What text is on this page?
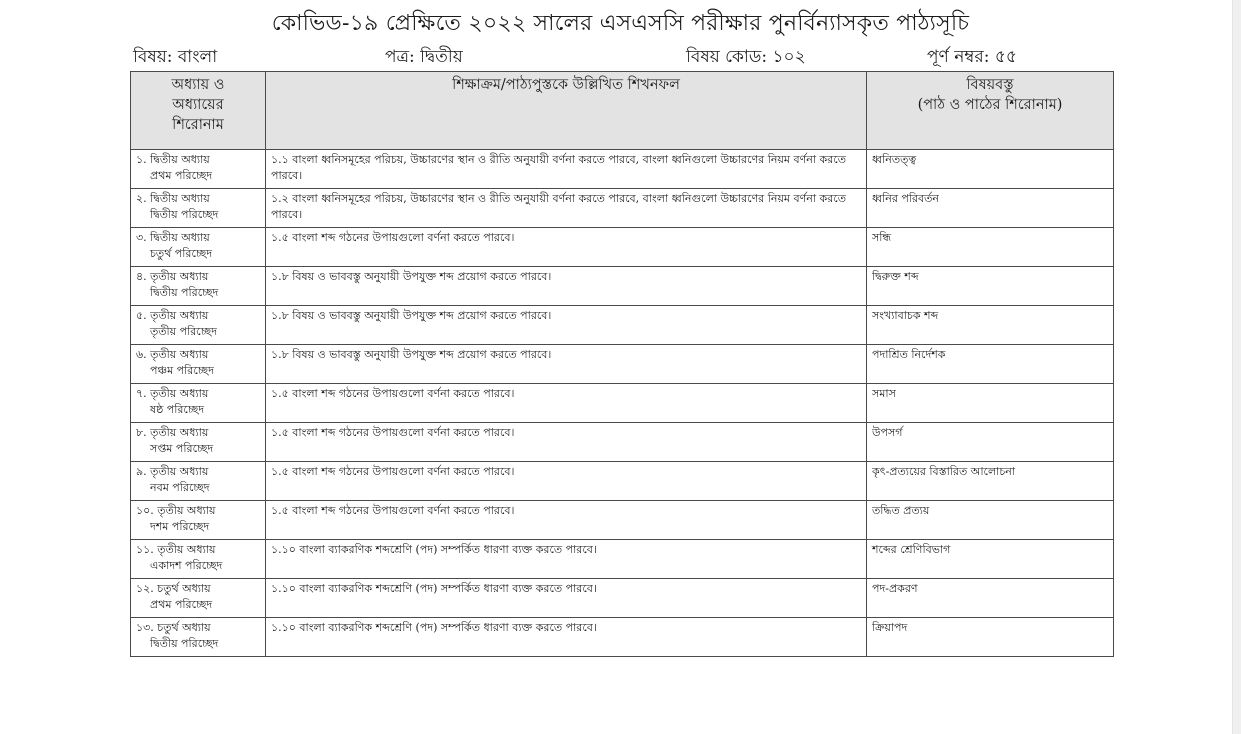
কোভিড-১৯ প্রেক্ষিতে ২০২২ সালের এসএসসি পরীক্ষার পুনর্বিন্যাসকৃত পাঠ্যসূচি
বিষয়: বাংলা	পত্র: দ্বিতীয়	বিষয় কোড: ১০২	পূর্ণ নম্বর: ৫৫
অধ্যায় ও
অধ্যায়ের
শিরোনাম	শিক্ষাক্রম/পাঠ্যপুস্তকে উল্লিখিত শিখনফল	বিষয়বস্তু
(পাঠ ও পাঠের শিরোনাম)

১. দ্বিতীয় অধ্যায়
প্রথম পরিচ্ছেদ	১.১ বাংলা ধ্বনিসমূহের পরিচয়, উচ্চারণের স্থান ও রীতি অনুযায়ী বর্ণনা করতে পারবে, বাংলা ধ্বনিগুলো উচ্চারণের নিয়ম বর্ণনা করতে পারবে।	ধ্বনিতত্ত্ব

২. দ্বিতীয় অধ্যায়
দ্বিতীয় পরিচ্ছেদ	১.২ বাংলা ধ্বনিসমূহের পরিচয়, উচ্চারণের স্থান ও রীতি অনুযায়ী বর্ণনা করতে পারবে, বাংলা ধ্বনিগুলো উচ্চারণের নিয়ম বর্ণনা করতে পারবে।	ধ্বনির পরিবর্তন

৩. দ্বিতীয় অধ্যায়
চতুর্থ পরিচ্ছেদ	১.৫ বাংলা শব্দ গঠনের উপায়গুলো বর্ণনা করতে পারবে।	সন্ধি

৪. তৃতীয় অধ্যায়
দ্বিতীয় পরিচ্ছেদ	১.৮ বিষয় ও ভাববস্তু অনুযায়ী উপযুক্ত শব্দ প্রয়োগ করতে পারবে।	দ্বিরুক্ত শব্দ

৫. তৃতীয় অধ্যায়
তৃতীয় পরিচ্ছেদ	১.৮ বিষয় ও ভাববস্তু অনুযায়ী উপযুক্ত শব্দ প্রয়োগ করতে পারবে।	সংখ্যাবাচক শব্দ

৬. তৃতীয় অধ্যায়
পঞ্চম পরিচ্ছেদ	১.৮ বিষয় ও ভাববস্তু অনুযায়ী উপযুক্ত শব্দ প্রয়োগ করতে পারবে।	পদাশ্রিত নির্দেশক

৭. তৃতীয় অধ্যায়
ষষ্ঠ পরিচ্ছেদ	১.৫ বাংলা শব্দ গঠনের উপায়গুলো বর্ণনা করতে পারবে।	সমাস

৮. তৃতীয় অধ্যায়
সপ্তম পরিচ্ছেদ	১.৫ বাংলা শব্দ গঠনের উপায়গুলো বর্ণনা করতে পারবে।	উপসর্গ

৯. তৃতীয় অধ্যায়
নবম পরিচ্ছেদ	১.৫ বাংলা শব্দ গঠনের উপায়গুলো বর্ণনা করতে পারবে।	কৃৎ-প্রত্যয়ের বিস্তারিত আলোচনা

১০. তৃতীয় অধ্যায়
দশম পরিচ্ছেদ	১.৫ বাংলা শব্দ গঠনের উপায়গুলো বর্ণনা করতে পারবে।	তদ্ধিত প্রত্যয়

১১. তৃতীয় অধ্যায়
একাদশ পরিচ্ছেদ	১.১০ বাংলা ব্যাকরণিক শব্দশ্রেণি (পদ) সম্পর্কিত ধারণা ব্যক্ত করতে পারবে।	শব্দের শ্রেণিবিভাগ

১২. চতুর্থ অধ্যায়
প্রথম পরিচ্ছেদ	১.১০ বাংলা ব্যাকরণিক শব্দশ্রেণি (পদ) সম্পর্কিত ধারণা ব্যক্ত করতে পারবে।	পদ-প্রকরণ

১৩. চতুর্থ অধ্যায়
দ্বিতীয় পরিচ্ছেদ	১.১০ বাংলা ব্যাকরণিক শব্দশ্রেণি (পদ) সম্পর্কিত ধারণা ব্যক্ত করতে পারবে।	ক্রিয়াপদ
